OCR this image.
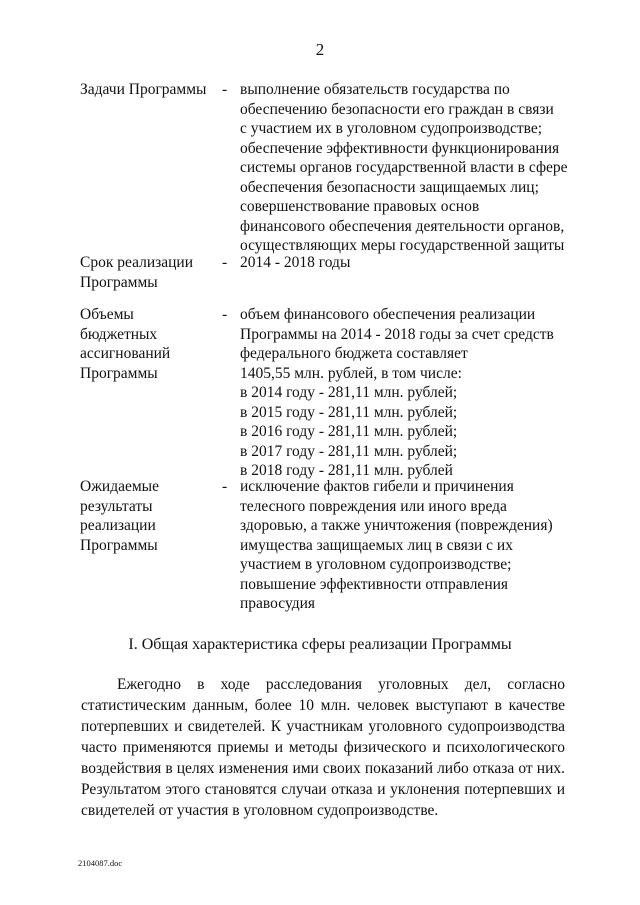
2
Задачи Программы	- выполнение обязательств государства по
обеспечению безопасности его граждан в связи
с участием их в уголовном судопроизводстве;
обеспечение эффективности функционирования
системы органов государственной власти в сфере
обеспечения безопасности защищаемых лиц;
совершенствование правовых основ
финансового обеспечения деятельности органов,
осуществляющих меры государственной защиты
Срок реализации
Программы
- 2014 - 2018 годы
Объемы
бюджетных
ассигнований
Программы
- объем финансового обеспечения реализации
Программы на 2014 - 2018 годы за счет средств
федерального бюджета составляет
1405,55 млн. рублей, в том числе:
в 2014 году - 281,11 млн. рублей;
в 2015 году - 281,11 млн. рублей;
в 2016 году - 281,11 млн. рублей;
в 2017 году - 281,11 млн. рублей;
в 2018 году - 281,11 млн. рублей
Ожидаемые
результаты
реализации
Программы
- исключение фактов гибели и причинения
телесного повреждения или иного вреда
здоровью, а также уничтожения (повреждения)
имущества защищаемых лиц в связи с их
участием в уголовном судопроизводстве;
повышение эффективности отправления
правосудия
I. Общая характеристика сферы реализации Программы
Ежегодно в ходе расследования уголовных дел, согласно
статистическим данным, более 10 млн. человек выступают в качестве
потерпевших и свидетелей. К участникам уголовного судопроизводства
часто применяются приемы и методы физического и психологического
воздействия в целях изменения ими своих показаний либо отказа от них.
Результатом этого становятся случаи отказа и уклонения потерпевших и
свидетелей от участия в уголовном судопроизводстве.
2104087.doc
